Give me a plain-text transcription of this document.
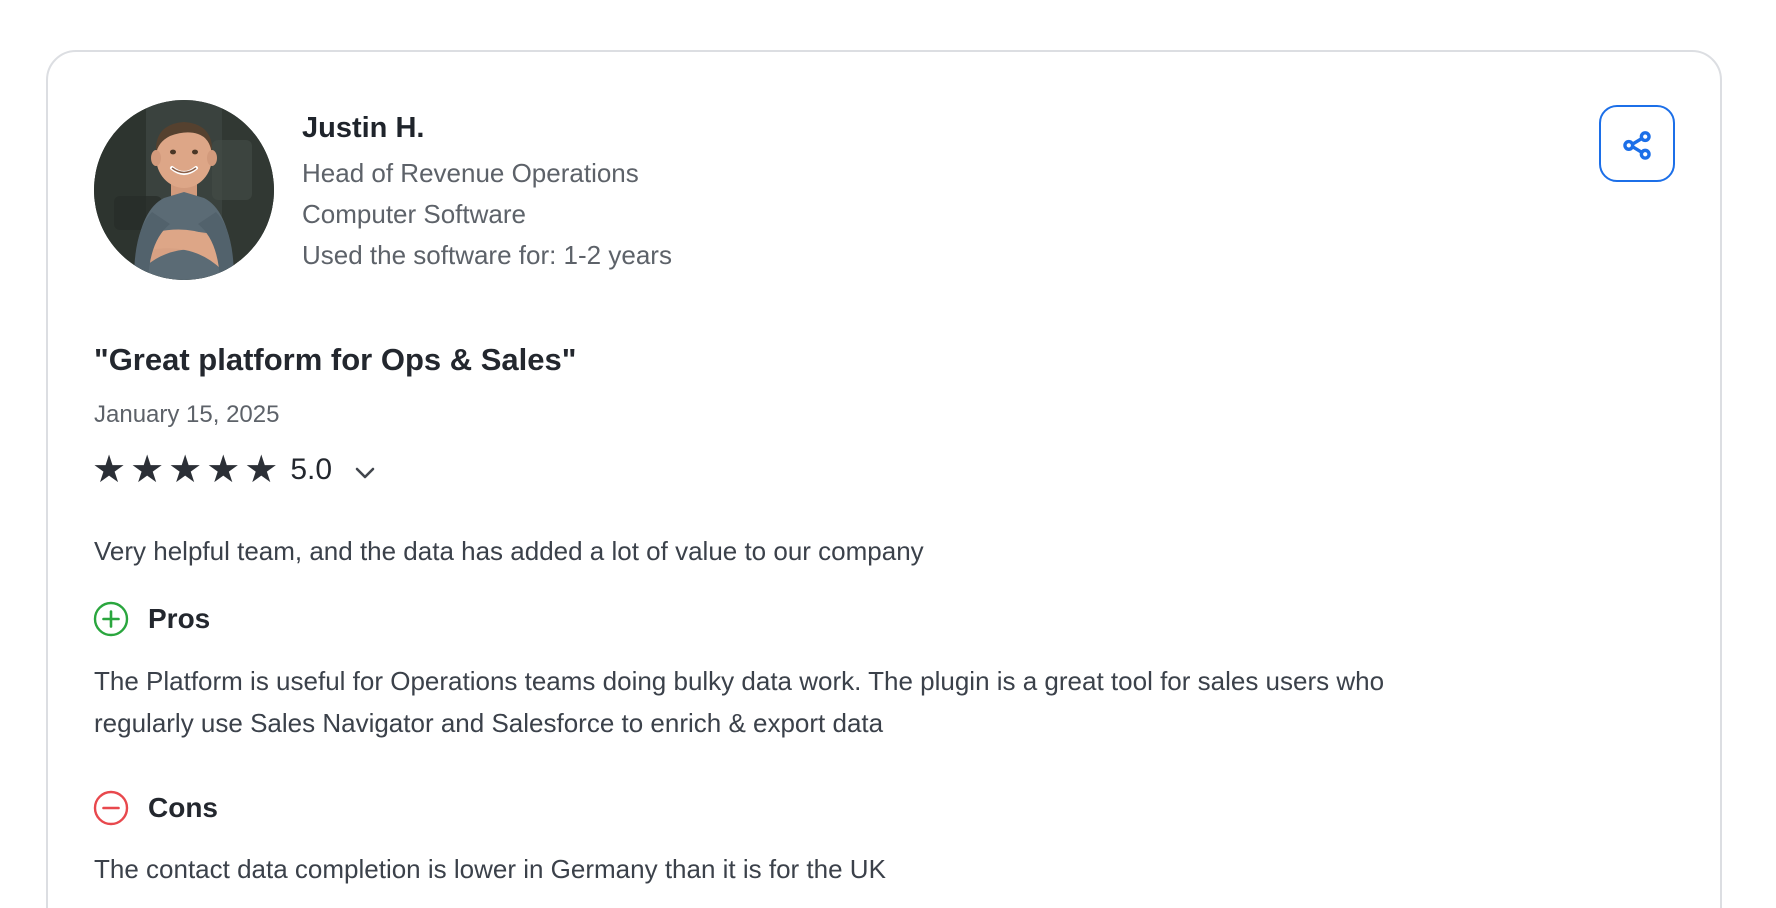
Justin H.
Head of Revenue Operations
Computer Software
Used the software for: 1-2 years
"Great platform for Ops & Sales"
January 15, 2025
★★★★★ 5.0
Very helpful team, and the data has added a lot of value to our company
Pros
The Platform is useful for Operations teams doing bulky data work. The plugin is a great tool for sales users who regularly use Sales Navigator and Salesforce to enrich & export data
Cons
The contact data completion is lower in Germany than it is for the UK
